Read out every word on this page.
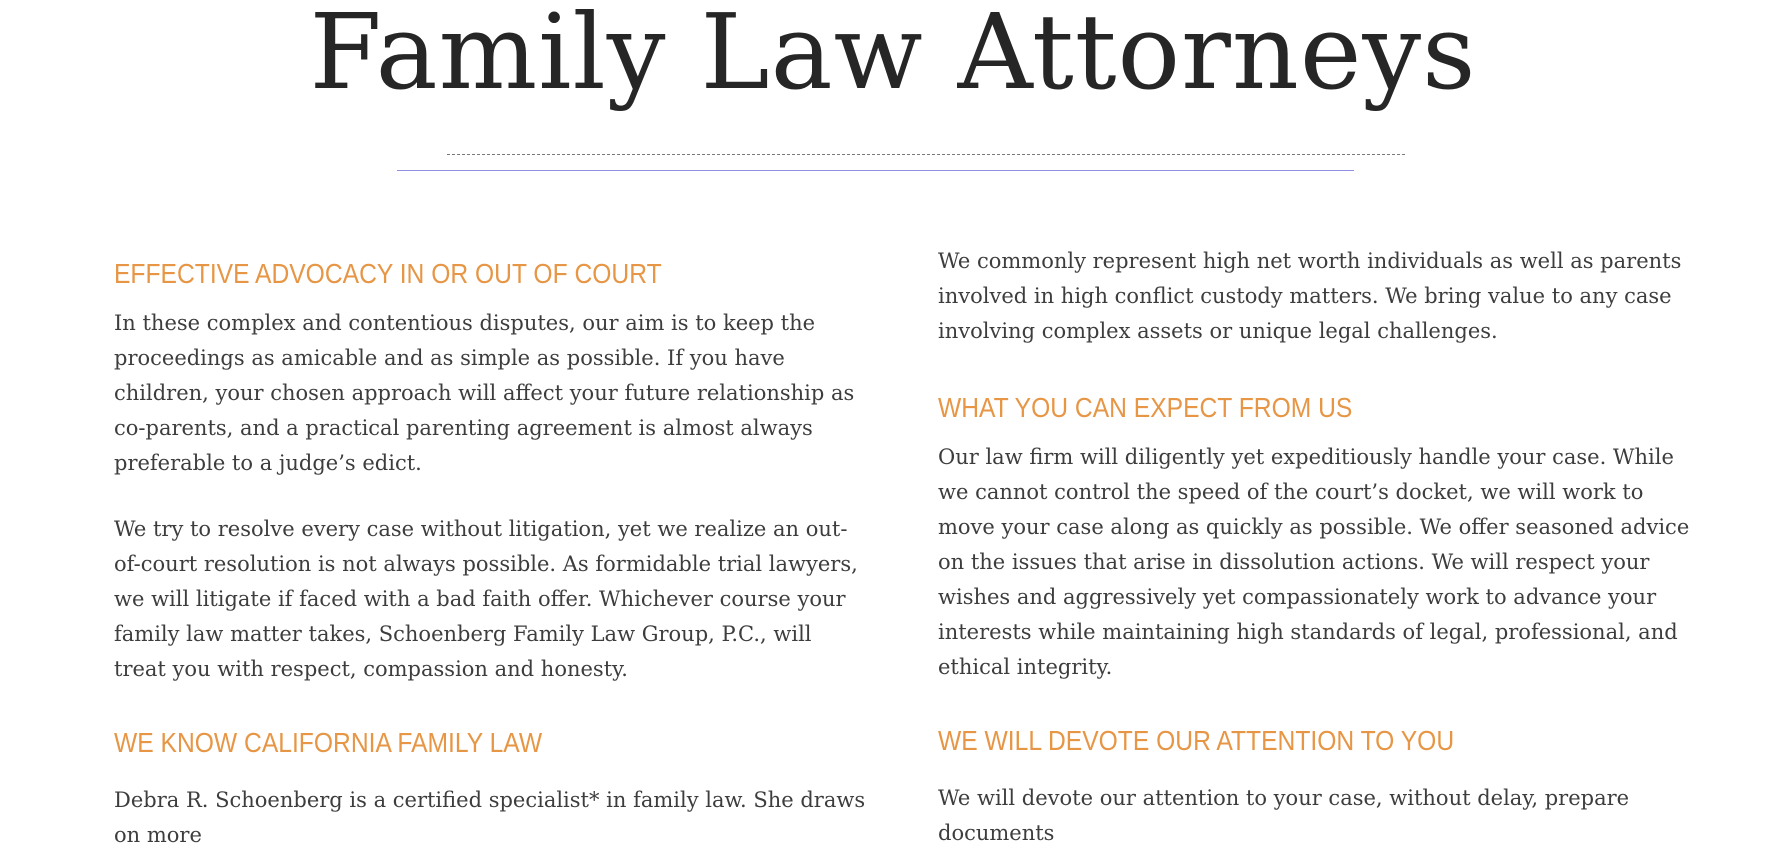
Family Law Attorneys
EFFECTIVE ADVOCACY IN OR OUT OF COURT

In these complex and contentious disputes, our aim is to keep the proceedings as amicable and as simple as possible. If you have children, your chosen approach will affect your future relationship as co-parents, and a practical parenting agreement is almost always preferable to a judge’s edict.

We try to resolve every case without litigation, yet we realize an out-of-court resolution is not always possible. As formidable trial lawyers, we will litigate if faced with a bad faith offer. Whichever course your family law matter takes, Schoenberg Family Law Group, P.C., will treat you with respect, compassion and honesty.

WE KNOW CALIFORNIA FAMILY LAW

Debra R. Schoenberg is a certified specialist* in family law. She draws on more

We commonly represent high net worth individuals as well as parents involved in high conflict custody matters. We bring value to any case involving complex assets or unique legal challenges.

WHAT YOU CAN EXPECT FROM US

Our law firm will diligently yet expeditiously handle your case. While we cannot control the speed of the court’s docket, we will work to move your case along as quickly as possible. We offer seasoned advice on the issues that arise in dissolution actions. We will respect your wishes and aggressively yet compassionately work to advance your interests while maintaining high standards of legal, professional, and ethical integrity.

WE WILL DEVOTE OUR ATTENTION TO YOU

We will devote our attention to your case, without delay, prepare documents
